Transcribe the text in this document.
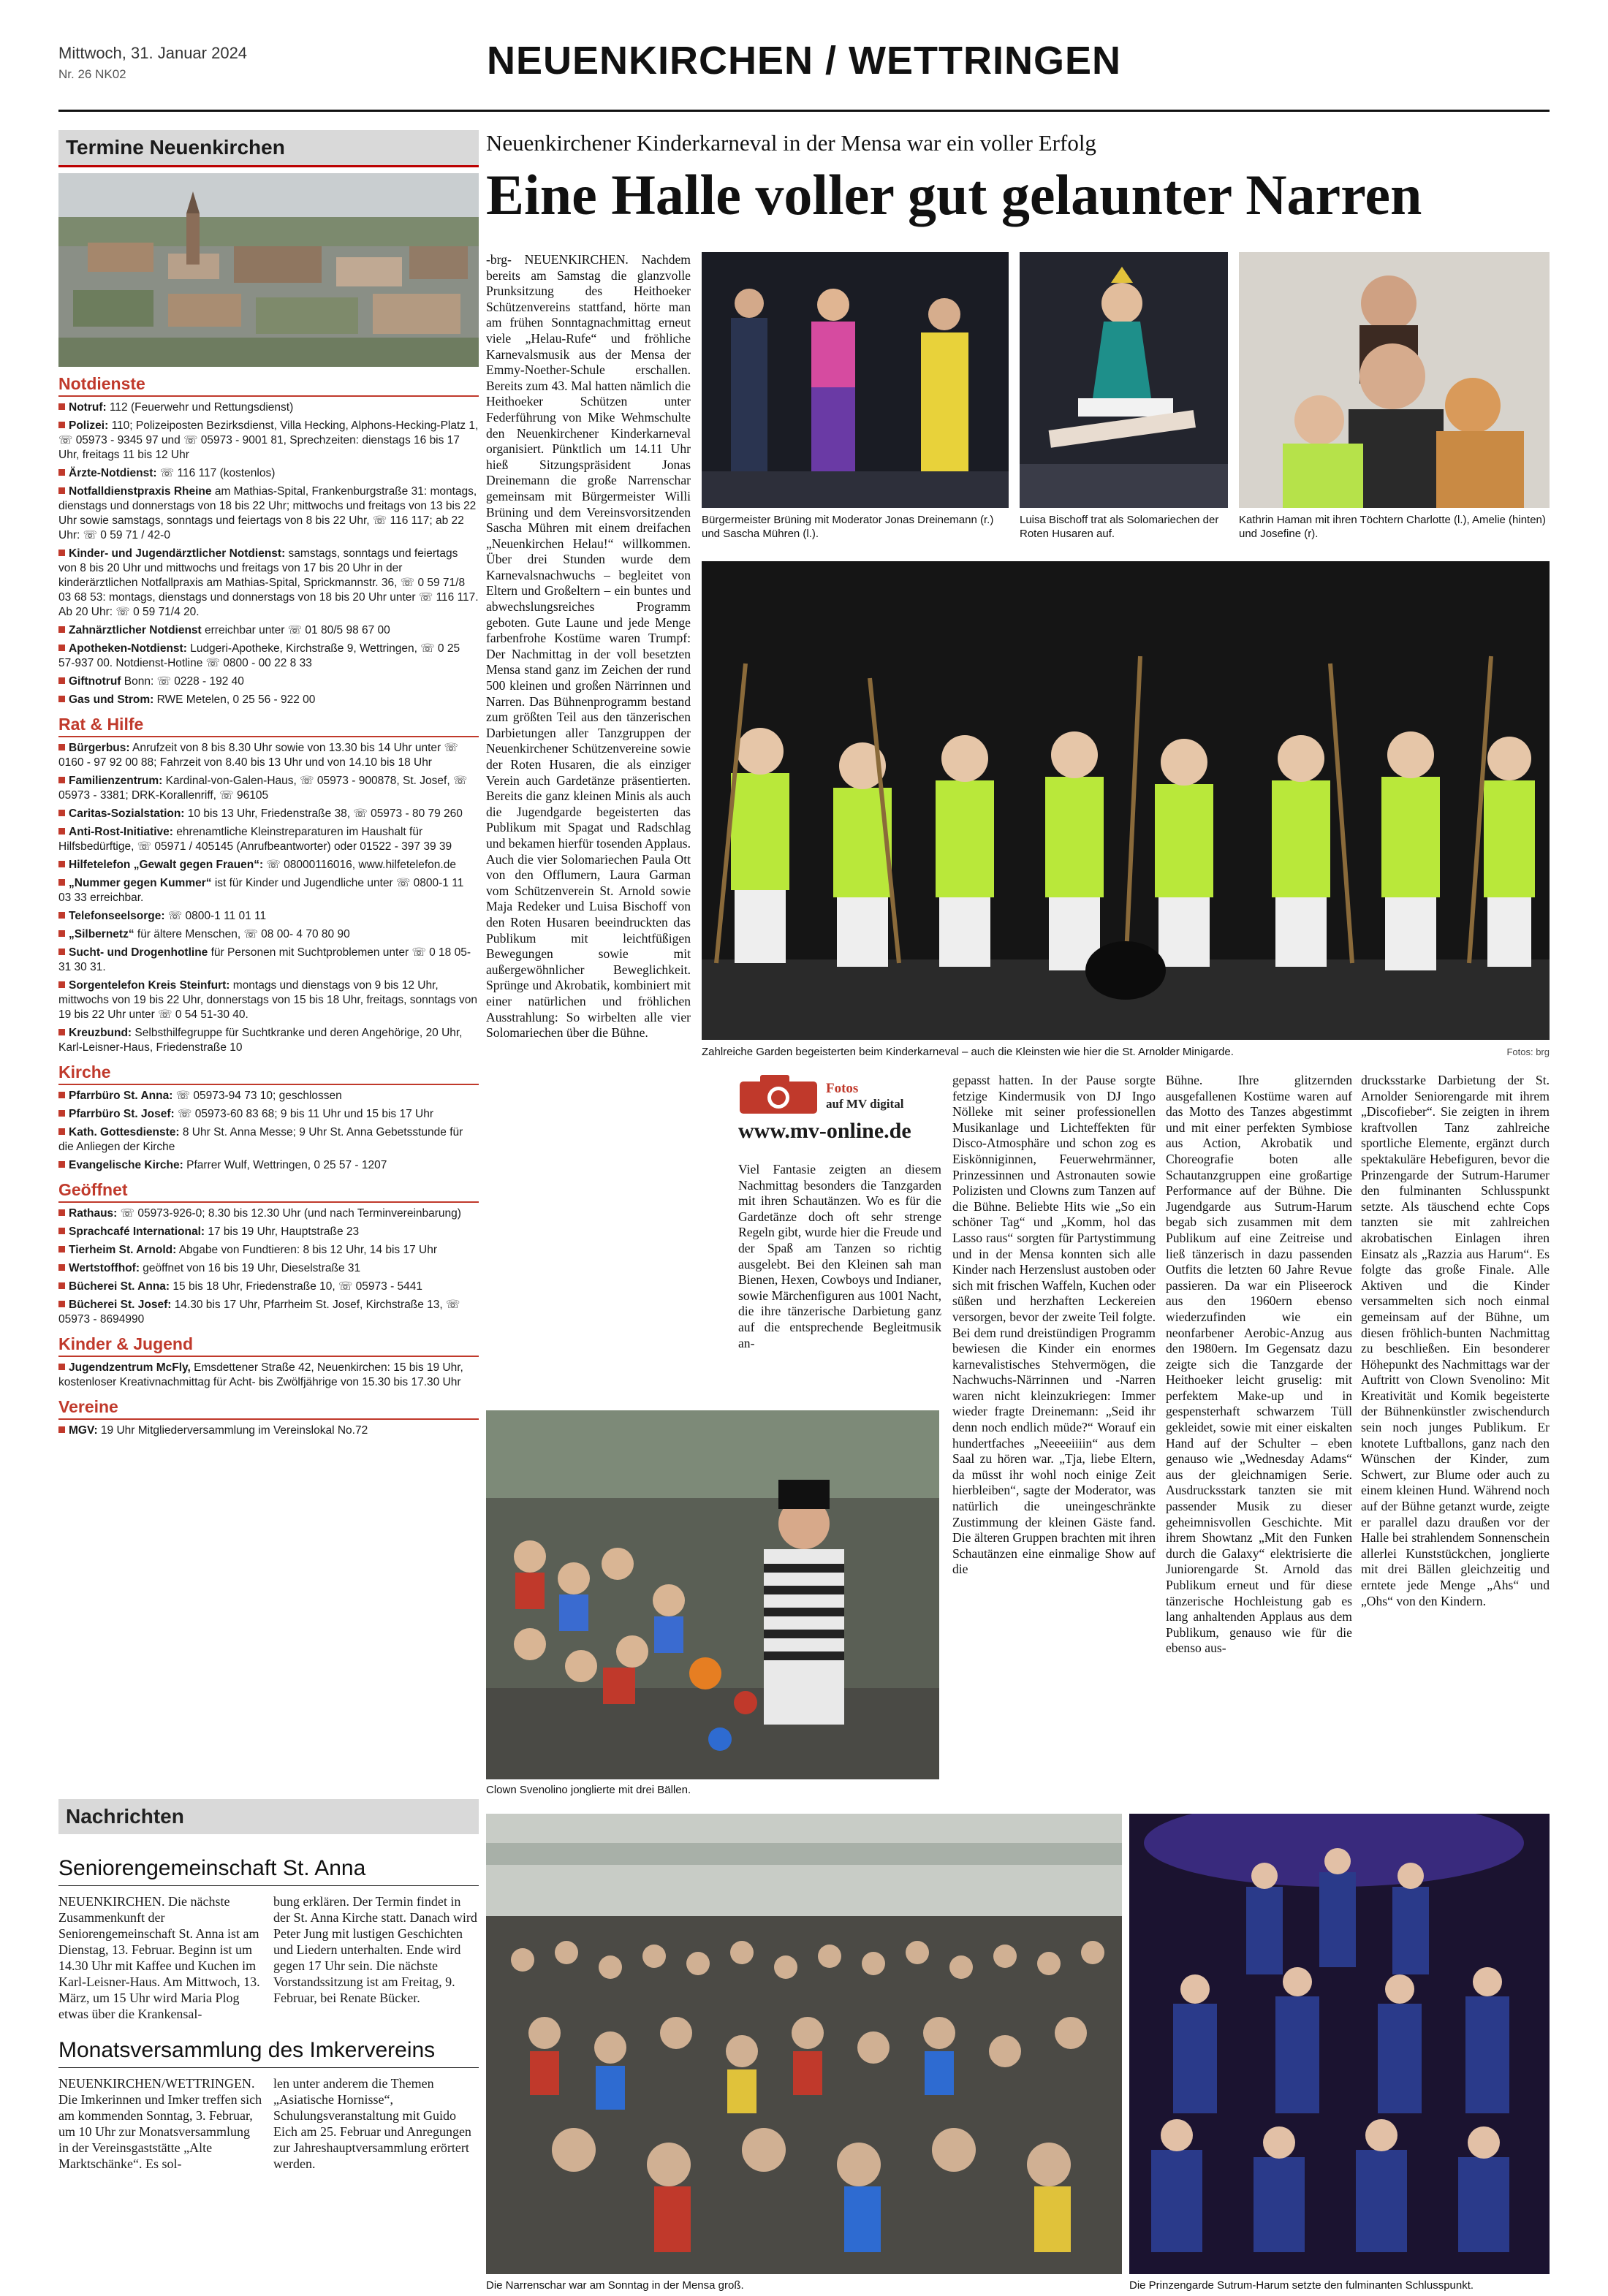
Mittwoch, 31. Januar 2024
Nr. 26 NK02	NEUENKIRCHEN / WETTRINGEN
Termine Neuenkirchen
Notdienste
Notruf: 112 (Feuerwehr und Rettungsdienst)
Polizei: 110; Polizeiposten Bezirksdienst, Villa Hecking, Alphons-Hecking-Platz 1, ☏ 05973 - 9345 97 und ☏ 05973 - 9001 81, Sprechzeiten: dienstags 16 bis 17 Uhr, freitags 11 bis 12 Uhr
Ärzte-Notdienst: ☏ 116 117 (kostenlos)
Notfalldienstpraxis Rheine am Mathias-Spital, Frankenburgstraße 31: montags, dienstags und donnerstags von 18 bis 22 Uhr; mittwochs und freitags von 13 bis 22 Uhr sowie samstags, sonntags und feiertags von 8 bis 22 Uhr, ☏ 116 117; ab 22 Uhr: ☏ 0 59 71 / 42-0
Kinder- und Jugendärztlicher Notdienst: samstags, sonntags und feiertags von 8 bis 20 Uhr und mittwochs und freitags von 17 bis 20 Uhr in der kinderärztlichen Notfallpraxis am Mathias-Spital, Sprickmannstr. 36, ☏ 0 59 71/8 03 68 53: montags, dienstags und donnerstags von 18 bis 20 Uhr unter ☏ 116 117. Ab 20 Uhr: ☏ 0 59 71/4 20.
Zahnärztlicher Notdienst erreichbar unter ☏ 01 80/5 98 67 00
Apotheken-Notdienst: Ludgeri-Apotheke, Kirchstraße 9, Wettringen, ☏ 0 25 57-937 00. Notdienst-Hotline ☏ 0800 - 00 22 8 33
Giftnotruf Bonn: ☏ 0228 - 192 40
Gas und Strom: RWE Metelen, 0 25 56 - 922 00
Rat & Hilfe
Bürgerbus: Anrufzeit von 8 bis 8.30 Uhr sowie von 13.30 bis 14 Uhr unter ☏ 0160 - 97 92 00 88; Fahrzeit von 8.40 bis 13 Uhr und von 14.10 bis 18 Uhr
Familienzentrum: Kardinal-von-Galen-Haus, ☏ 05973 - 900878, St. Josef, ☏ 05973 - 3381; DRK-Korallenriff, ☏ 96105
Caritas-Sozialstation: 10 bis 13 Uhr, Friedenstraße 38, ☏ 05973 - 80 79 260
Anti-Rost-Initiative: ehrenamtliche Kleinstreparaturen im Haushalt für Hilfsbedürftige, ☏ 05971 / 405145 (Anrufbeantworter) oder 01522 - 397 39 39
Hilfetelefon „Gewalt gegen Frauen“: ☏ 08000116016, www.hilfetelefon.de
„Nummer gegen Kummer“ ist für Kinder und Jugendliche unter ☏ 0800-1 11 03 33 erreichbar.
Telefonseelsorge: ☏ 0800-1 11 01 11
„Silbernetz“ für ältere Menschen, ☏ 08 00- 4 70 80 90
Sucht- und Drogenhotline für Personen mit Suchtproblemen unter ☏ 0 18 05-31 30 31.
Sorgentelefon Kreis Steinfurt: montags und dienstags von 9 bis 12 Uhr, mittwochs von 19 bis 22 Uhr, donnerstags von 15 bis 18 Uhr, freitags, sonntags von 19 bis 22 Uhr unter ☏ 0 54 51-30 40.
Kreuzbund: Selbsthilfegruppe für Suchtkranke und deren Angehörige, 20 Uhr, Karl-Leisner-Haus, Friedenstraße 10
Kirche
Pfarrbüro St. Anna: ☏ 05973-94 73 10; geschlossen
Pfarrbüro St. Josef: ☏ 05973-60 83 68; 9 bis 11 Uhr und 15 bis 17 Uhr
Kath. Gottesdienste: 8 Uhr St. Anna Messe; 9 Uhr St. Anna Gebetsstunde für die Anliegen der Kirche
Evangelische Kirche: Pfarrer Wulf, Wettringen, 0 25 57 - 1207
Geöffnet
Rathaus: ☏ 05973-926-0; 8.30 bis 12.30 Uhr (und nach Terminvereinbarung)
Sprachcafé International: 17 bis 19 Uhr, Hauptstraße 23
Tierheim St. Arnold: Abgabe von Fundtieren: 8 bis 12 Uhr, 14 bis 17 Uhr
Wertstoffhof: geöffnet von 16 bis 19 Uhr, Dieselstraße 31
Bücherei St. Anna: 15 bis 18 Uhr, Friedenstraße 10, ☏ 05973 - 5441
Bücherei St. Josef: 14.30 bis 17 Uhr, Pfarrheim St. Josef, Kirchstraße 13, ☏ 05973 - 8694990
Kinder & Jugend
Jugendzentrum McFly, Emsdettener Straße 42, Neuenkirchen: 15 bis 19 Uhr, kostenloser Kreativnachmittag für Acht- bis Zwölfjährige von 15.30 bis 17.30 Uhr
Vereine
MGV: 19 Uhr Mitgliederversammlung im Vereinslokal No.72
Nachrichten
Seniorengemeinschaft St. Anna
NEUENKIRCHEN. Die nächste Zusammenkunft der Seniorengemeinschaft St. Anna ist am Dienstag, 13. Februar. Beginn ist um 14.30 Uhr mit Kaffee und Kuchen im Karl-Leisner-Haus. Am Mittwoch, 13. März, um 15 Uhr wird Maria Plog etwas über die Krankensal-
bung erklären. Der Termin findet in der St. Anna Kirche statt. Danach wird Peter Jung mit lustigen Geschichten und Liedern unterhalten. Ende wird gegen 17 Uhr sein. Die nächste Vorstandssitzung ist am Freitag, 9. Februar, bei Renate Bücker.
Monatsversammlung des Imkervereins
NEUENKIRCHEN/WETTRINGEN. Die Imkerinnen und Imker treffen sich am kommenden Sonntag, 3. Februar, um 10 Uhr zur Monatsversammlung in der Vereinsgaststätte „Alte Marktschänke“. Es sol-
len unter anderem die Themen „Asiatische Hornisse“, Schulungsveranstaltung mit Guido Eich am 25. Februar und Anregungen zur Jahreshauptversammlung erörtert werden.
Neuenkirchener Kinderkarneval in der Mensa war ein voller Erfolg
Eine Halle voller gut gelaunter Narren
-brg- NEUENKIRCHEN. Nachdem bereits am Samstag die glanzvolle Prunksitzung des Heithoeker Schützenvereins stattfand, hörte man am frühen Sonntagnachmittag erneut viele „Helau-Rufe“ und fröhliche Karnevalsmusik aus der Mensa der Emmy-Noether-Schule erschallen. Bereits zum 43. Mal hatten nämlich die Heithoeker Schützen unter Federführung von Mike Wehmschulte den Neuenkirchener Kinderkarneval organisiert. Pünktlich um 14.11 Uhr hieß Sitzungspräsident Jonas Dreinemann die große Narrenschar gemeinsam mit Bürgermeister Willi Brüning und dem Vereinsvorsitzenden Sascha Mühren mit einem dreifachen „Neuenkirchen Helau!“ willkommen. Über drei Stunden wurde dem Karnevalsnachwuchs – begleitet von Eltern und Großeltern – ein buntes und abwechslungsreiches Programm geboten. Gute Laune und jede Menge farbenfrohe Kostüme waren Trumpf: Der Nachmittag in der voll besetzten Mensa stand ganz im Zeichen der rund 500 kleinen und großen Närrinnen und Narren. Das Bühnenprogramm bestand zum größten Teil aus den tänzerischen Darbietungen aller Tanzgruppen der Neuenkirchener Schützenvereine sowie der Roten Husaren, die als einziger Verein auch Gardetänze präsentierten. Bereits die ganz kleinen Minis als auch die Jugendgarde begeisterten das Publikum mit Spagat und Radschlag und bekamen hierfür tosenden Applaus. Auch die vier Solomariechen Paula Ott von den Offlumern, Laura Garman vom Schützenverein St. Arnold sowie Maja Redeker und Luisa Bischoff von den Roten Husaren beeindruckten das Publikum mit leichtfüßigen Bewegungen sowie mit außergewöhnlicher Beweglichkeit. Sprünge und Akrobatik, kombiniert mit einer natürlichen und fröhlichen Ausstrahlung: So wirbelten alle vier Solomariechen über die Bühne.
Bürgermeister Brüning mit Moderator Jonas Dreinemann (r.) und Sascha Mühren (l.).
Luisa Bischoff trat als Solomariechen der Roten Husaren auf.
Kathrin Haman mit ihren Töchtern Charlotte (l.), Amelie (hinten) und Josefine (r).
Zahlreiche Garden begeisterten beim Kinderkarneval – auch die Kleinsten wie hier die St. Arnolder Minigarde.	Fotos: brg
Fotos
auf MV digital
www.mv-online.de
Viel Fantasie zeigten an diesem Nachmittag besonders die Tanzgarden mit ihren Schautänzen. Wo es für die Gardetänze doch oft sehr strenge Regeln gibt, wurde hier die Freude und der Spaß am Tanzen so richtig ausgelebt. Bei den Kleinen sah man Bienen, Hexen, Cowboys und Indianer, sowie Märchenfiguren aus 1001 Nacht, die ihre tänzerische Darbietung ganz auf die entsprechende Begleitmusik an-
gepasst hatten. In der Pause sorgte fetzige Kindermusik von DJ Ingo Nölleke mit seiner professionellen Musikanlage und Lichteffekten für Disco-Atmosphäre und schon zog es Eiskönniginnen, Feuerwehrmänner, Prinzessinnen und Astronauten sowie Polizisten und Clowns zum Tanzen auf die Bühne. Beliebte Hits wie „So ein schöner Tag“ und „Komm, hol das Lasso raus“ sorgten für Partystimmung und in der Mensa konnten sich alle Kinder nach Herzenslust austoben oder sich mit frischen Waffeln, Kuchen oder süßen und herzhaften Leckereien versorgen, bevor der zweite Teil folgte. Bei dem rund dreistündigen Programm bewiesen die Kinder ein enormes karnevalistisches Stehvermögen, die Nachwuchs-Närrinnen und -Narren waren nicht kleinzukriegen: Immer wieder fragte Dreinemann: „Seid ihr denn noch endlich müde?“ Worauf ein hundertfaches „Neeeeiiiin“ aus dem Saal zu hören war. „Tja, liebe Eltern, da müsst ihr wohl noch einige Zeit hierbleiben“, sagte der Moderator, was natürlich die uneingeschränkte Zustimmung der kleinen Gäste fand. Die älteren Gruppen brachten mit ihren Schautänzen eine einmalige Show auf die
Bühne. Ihre glitzernden ausgefallenen Kostüme waren auf das Motto des Tanzes abgestimmt und mit einer perfekten Symbiose aus Action, Akrobatik und Choreografie boten alle Schautanzgruppen eine großartige Performance auf der Bühne. Die Jugendgarde aus Sutrum-Harum begab sich zusammen mit dem Publikum auf eine Zeitreise und ließ tänzerisch in dazu passenden Outfits die letzten 60 Jahre Revue passieren. Da war ein Pliseerock aus den 1960ern ebenso wiederzufinden wie ein neonfarbener Aerobic-Anzug aus den 1980ern. Im Gegensatz dazu zeigte sich die Tanzgarde der Heithoeker leicht gruselig: mit perfektem Make-up und in gespensterhaft schwarzem Tüll gekleidet, sowie mit einer eiskalten Hand auf der Schulter – eben genauso wie „Wednesday Adams“ aus der gleichnamigen Serie. Ausdrucksstark tanzten sie mit passender Musik zu dieser geheimnisvollen Geschichte. Mit ihrem Showtanz „Mit den Funken durch die Galaxy“ elektrisierte die Juniorengarde St. Arnold das Publikum erneut und für diese tänzerische Hochleistung gab es lang anhaltenden Applaus aus dem Publikum, genauso wie für die ebenso aus-
drucksstarke Darbietung der St. Arnolder Seniorengarde mit ihrem „Discofieber“. Sie zeigten in ihrem kraftvollen Tanz zahlreiche sportliche Elemente, ergänzt durch spektakuläre Hebefiguren, bevor die Prinzengarde der Sutrum-Harumer den fulminanten Schlusspunkt setzte. Als täuschend echte Cops tanzten sie mit zahlreichen akrobatischen Einlagen ihren Einsatz als „Razzia aus Harum“. Es folgte das große Finale. Alle Aktiven und die Kinder versammelten sich noch einmal gemeinsam auf der Bühne, um diesen fröhlich-bunten Nachmittag zu beschließen. Ein besonderer Höhepunkt des Nachmittags war der Auftritt von Clown Svenolino: Mit Kreativität und Komik begeisterte der Bühnenkünstler zwischendurch sein noch junges Publikum. Er knotete Luftballons, ganz nach den Wünschen der Kinder, zum Schwert, zur Blume oder auch zu einem kleinen Hund. Während noch auf der Bühne getanzt wurde, zeigte er parallel dazu draußen vor der Halle bei strahlendem Sonnenschein allerlei Kunststückchen, jonglierte mit drei Bällen gleichzeitig und erntete jede Menge „Ahs“ und „Ohs“ von den Kindern.
Clown Svenolino jonglierte mit drei Bällen.
Die Narrenschar war am Sonntag in der Mensa groß.	Die Prinzengarde Sutrum-Harum setzte den fulminanten Schlusspunkt.
